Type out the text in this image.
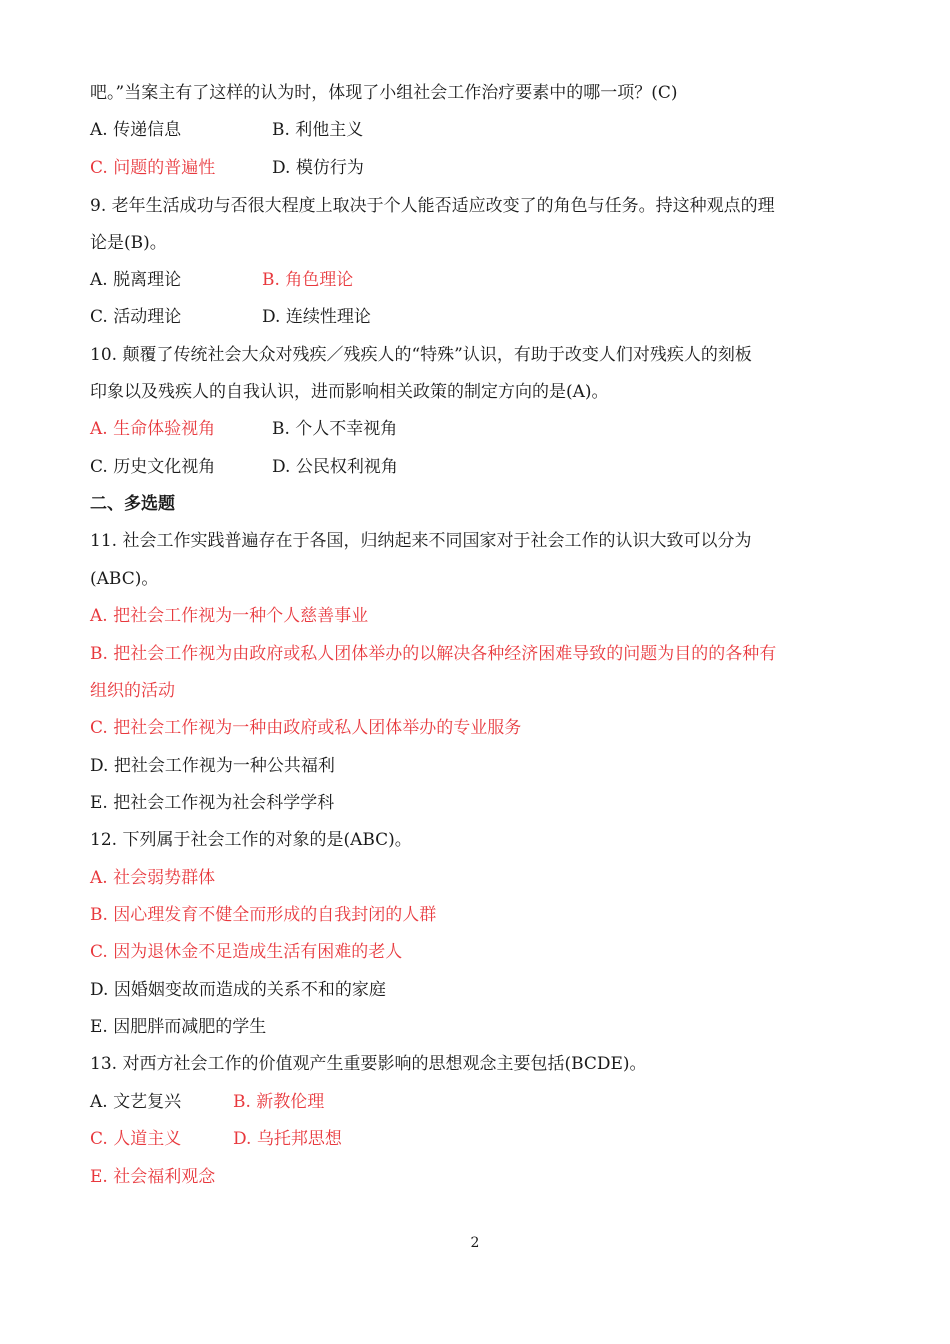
吧。”当案主有了这样的认为时，体现了小组社会工作治疗要素中的哪一项？(C)
A. 传递信息	B. 利他主义
C. 问题的普遍性	D. 模仿行为
9. 老年生活成功与否很大程度上取决于个人能否适应改变了的角色与任务。持这种观点的理
论是(B)。
A. 脱离理论	B. 角色理论
C. 活动理论	D. 连续性理论
10. 颠覆了传统社会大众对残疾／残疾人的“特殊”认识，有助于改变人们对残疾人的刻板
印象以及残疾人的自我认识，进而影响相关政策的制定方向的是(A)。
A. 生命体验视角	B. 个人不幸视角
C. 历史文化视角	D. 公民权利视角
二、多选题
11. 社会工作实践普遍存在于各国，归纳起来不同国家对于社会工作的认识大致可以分为
(ABC)。
A. 把社会工作视为一种个人慈善事业
B. 把社会工作视为由政府或私人团体举办的以解决各种经济困难导致的问题为目的的各种有
组织的活动
C. 把社会工作视为一种由政府或私人团体举办的专业服务
D. 把社会工作视为一种公共福利
E. 把社会工作视为社会科学学科
12. 下列属于社会工作的对象的是(ABC)。
A. 社会弱势群体
B. 因心理发育不健全而形成的自我封闭的人群
C. 因为退休金不足造成生活有困难的老人
D. 因婚姻变故而造成的关系不和的家庭
E. 因肥胖而减肥的学生
13. 对西方社会工作的价值观产生重要影响的思想观念主要包括(BCDE)。
A. 文艺复兴	B. 新教伦理
C. 人道主义	D. 乌托邦思想
E. 社会福利观念
2
